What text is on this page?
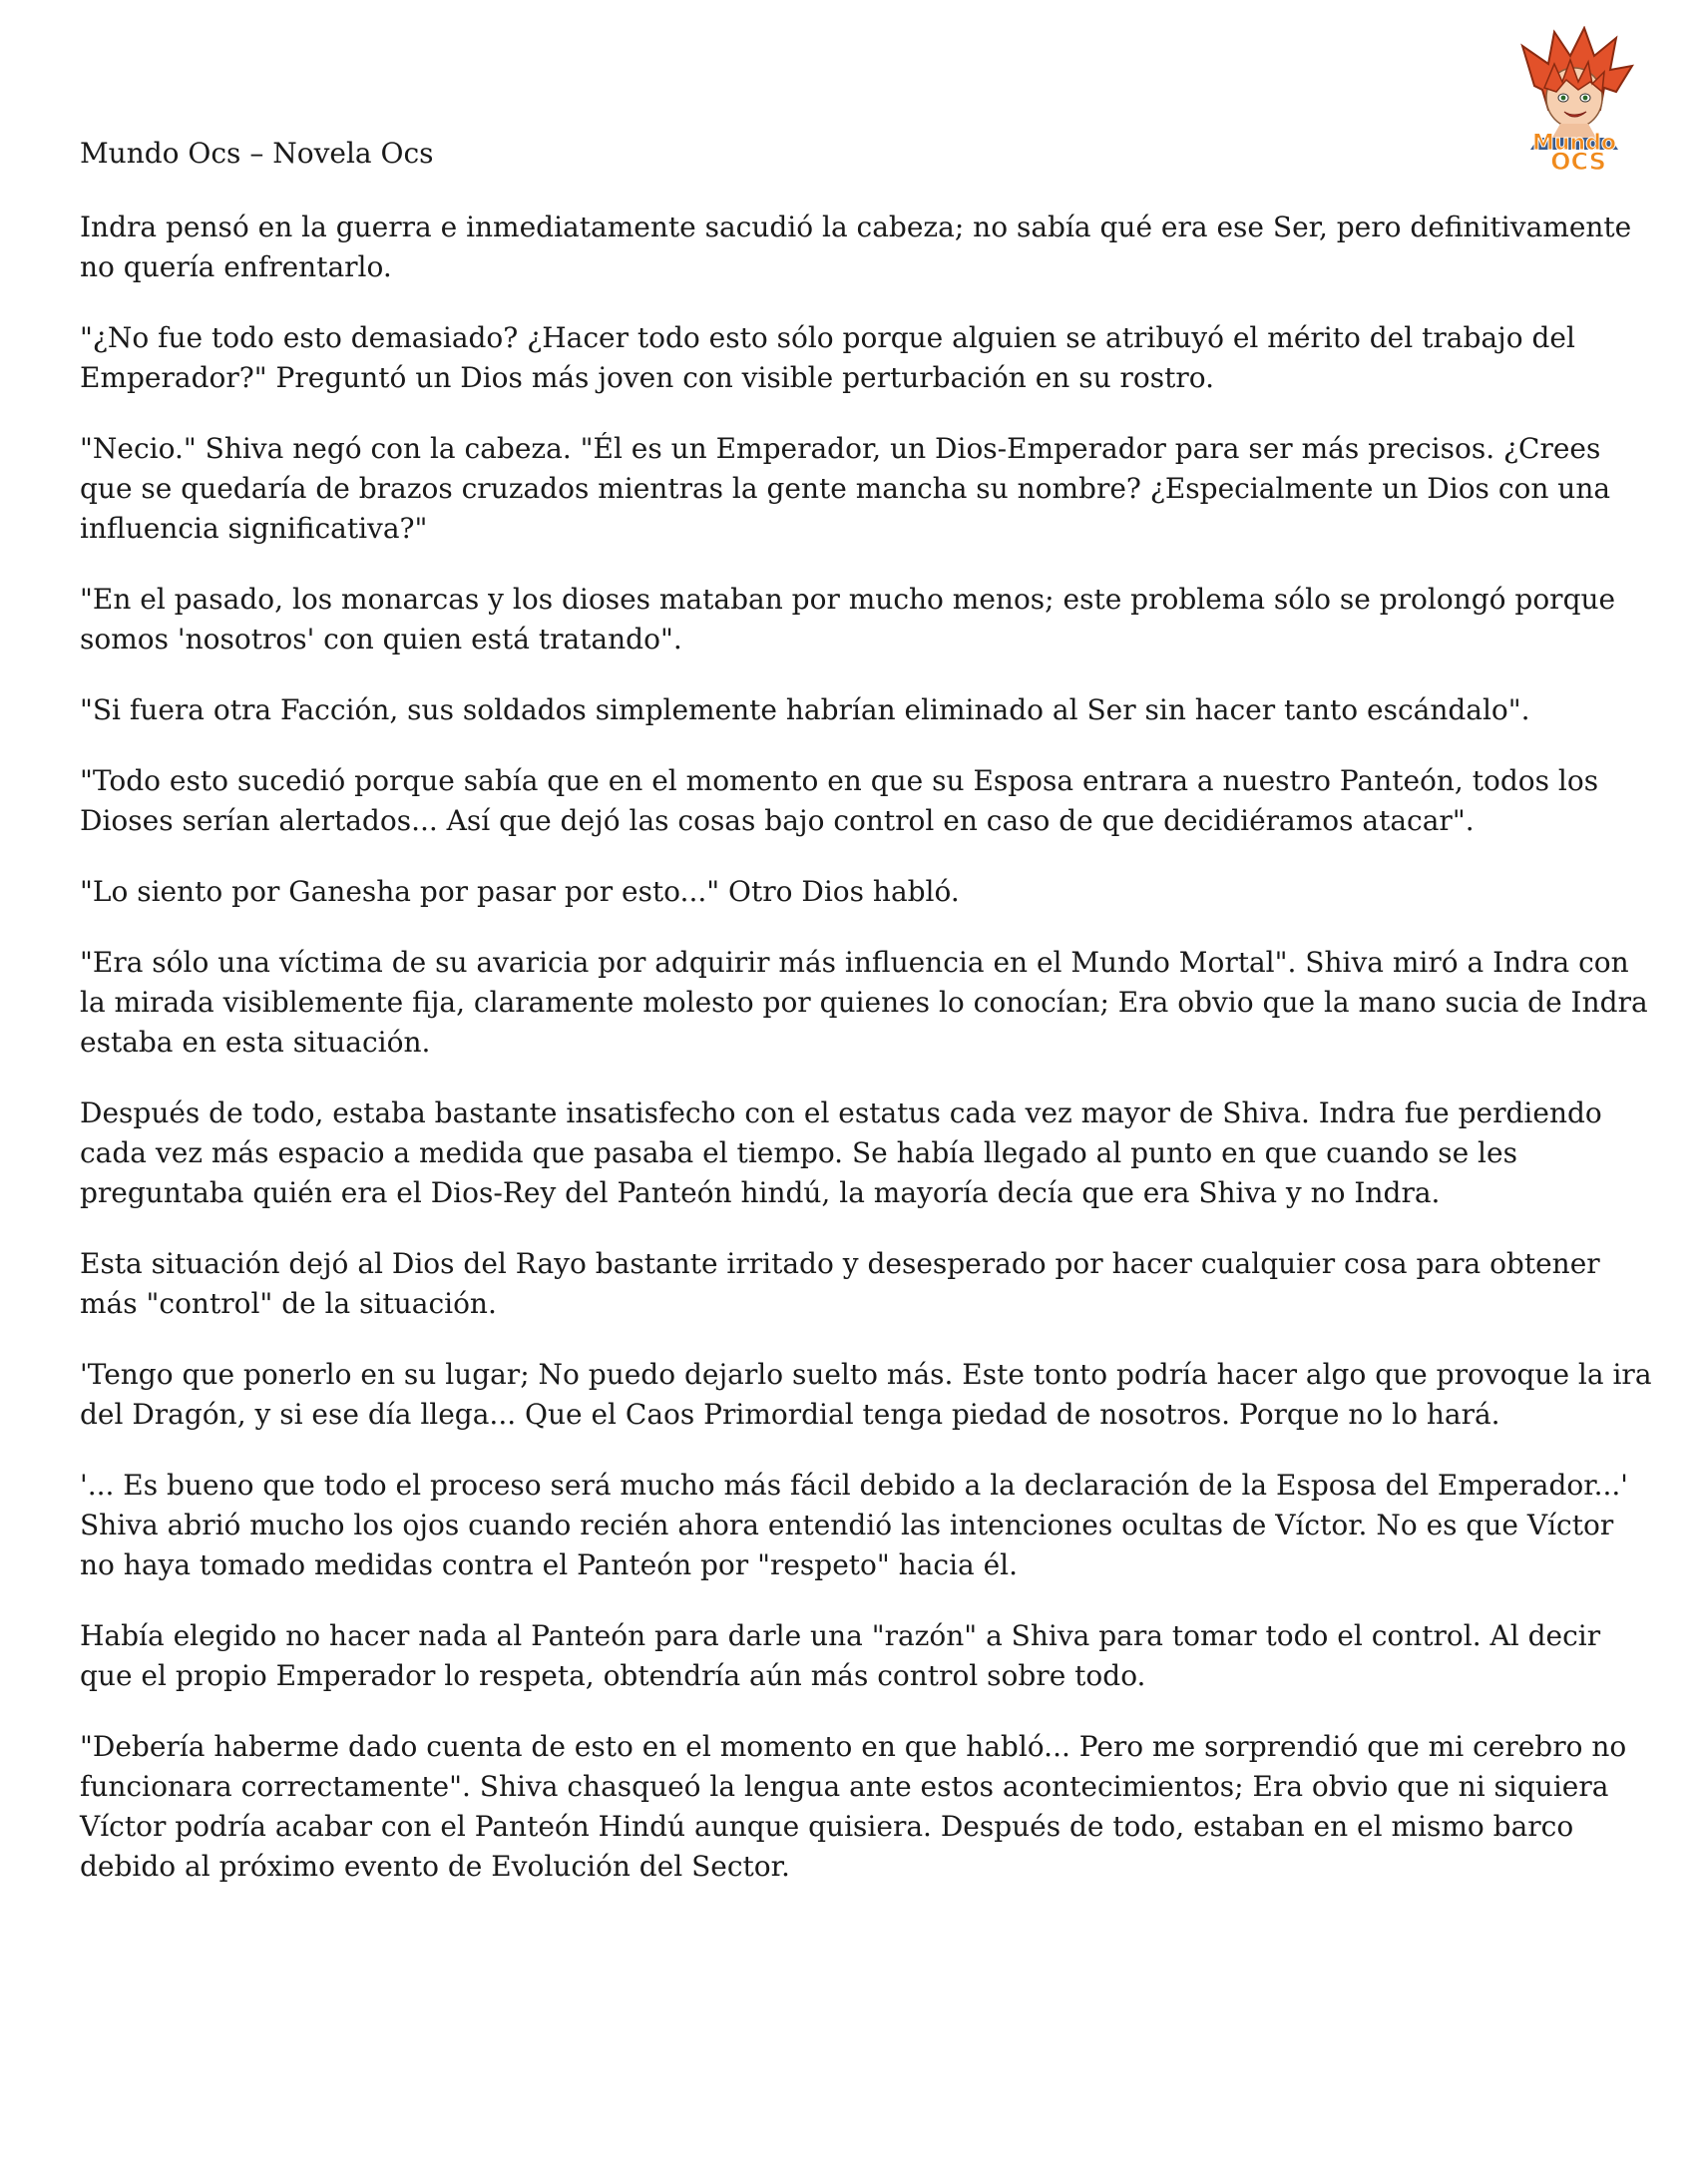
Mundo
OCS

Mundo Ocs – Novela Ocs

Indra pensó en la guerra e inmediatamente sacudió la cabeza; no sabía qué era ese Ser, pero definitivamente no quería enfrentarlo.

"¿No fue todo esto demasiado? ¿Hacer todo esto sólo porque alguien se atribuyó el mérito del trabajo del Emperador?" Preguntó un Dios más joven con visible perturbación en su rostro.

"Necio." Shiva negó con la cabeza. "Él es un Emperador, un Dios-Emperador para ser más precisos. ¿Crees que se quedaría de brazos cruzados mientras la gente mancha su nombre? ¿Especialmente un Dios con una influencia significativa?"

"En el pasado, los monarcas y los dioses mataban por mucho menos; este problema sólo se prolongó porque somos 'nosotros' con quien está tratando".

"Si fuera otra Facción, sus soldados simplemente habrían eliminado al Ser sin hacer tanto escándalo".

"Todo esto sucedió porque sabía que en el momento en que su Esposa entrara a nuestro Panteón, todos los Dioses serían alertados... Así que dejó las cosas bajo control en caso de que decidiéramos atacar".

"Lo siento por Ganesha por pasar por esto..." Otro Dios habló.

"Era sólo una víctima de su avaricia por adquirir más influencia en el Mundo Mortal". Shiva miró a Indra con la mirada visiblemente fija, claramente molesto por quienes lo conocían; Era obvio que la mano sucia de Indra estaba en esta situación.

Después de todo, estaba bastante insatisfecho con el estatus cada vez mayor de Shiva. Indra fue perdiendo cada vez más espacio a medida que pasaba el tiempo. Se había llegado al punto en que cuando se les preguntaba quién era el Dios-Rey del Panteón hindú, la mayoría decía que era Shiva y no Indra.

Esta situación dejó al Dios del Rayo bastante irritado y desesperado por hacer cualquier cosa para obtener más "control" de la situación.

'Tengo que ponerlo en su lugar; No puedo dejarlo suelto más. Este tonto podría hacer algo que provoque la ira del Dragón, y si ese día llega... Que el Caos Primordial tenga piedad de nosotros. Porque no lo hará.

'... Es bueno que todo el proceso será mucho más fácil debido a la declaración de la Esposa del Emperador...' Shiva abrió mucho los ojos cuando recién ahora entendió las intenciones ocultas de Víctor. No es que Víctor no haya tomado medidas contra el Panteón por "respeto" hacia él.

Había elegido no hacer nada al Panteón para darle una "razón" a Shiva para tomar todo el control. Al decir que el propio Emperador lo respeta, obtendría aún más control sobre todo.

"Debería haberme dado cuenta de esto en el momento en que habló... Pero me sorprendió que mi cerebro no funcionara correctamente". Shiva chasqueó la lengua ante estos acontecimientos; Era obvio que ni siquiera Víctor podría acabar con el Panteón Hindú aunque quisiera. Después de todo, estaban en el mismo barco debido al próximo evento de Evolución del Sector.
